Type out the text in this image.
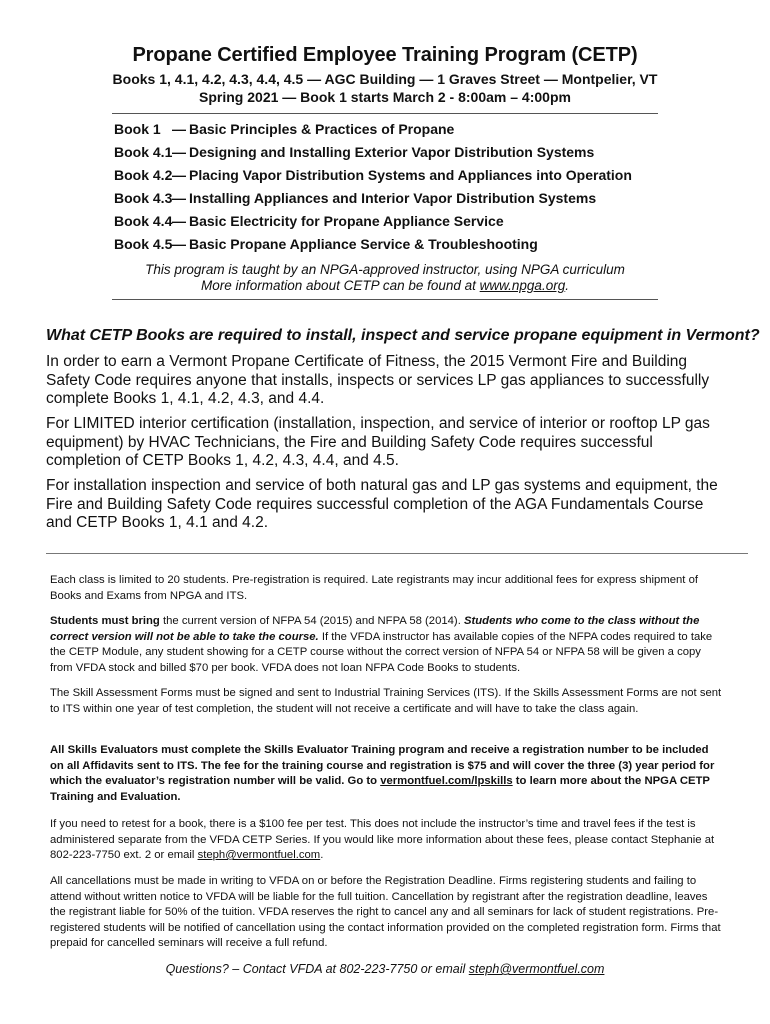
Propane Certified Employee Training Program (CETP)
Books 1, 4.1, 4.2, 4.3, 4.4, 4.5 — AGC Building — 1 Graves Street — Montpelier, VT
Spring 2021 — Book 1 starts March 2 - 8:00am – 4:00pm
Book 1 — Basic Principles & Practices of Propane
Book 4.1— Designing and Installing Exterior Vapor Distribution Systems
Book 4.2— Placing Vapor Distribution Systems and Appliances into Operation
Book 4.3— Installing Appliances and Interior Vapor Distribution Systems
Book 4.4— Basic Electricity for Propane Appliance Service
Book 4.5— Basic Propane Appliance Service & Troubleshooting
This program is taught by an NPGA-approved instructor, using NPGA curriculum
More information about CETP can be found at www.npga.org.
What CETP Books are required to install, inspect and service propane equipment in Vermont?

In order to earn a Vermont Propane Certificate of Fitness, the 2015 Vermont Fire and Building Safety Code requires anyone that installs, inspects or services LP gas appliances to successfully complete Books 1, 4.1, 4.2, 4.3, and 4.4.

For LIMITED interior certification (installation, inspection, and service of interior or rooftop LP gas equipment) by HVAC Technicians, the Fire and Building Safety Code requires successful completion of CETP Books 1, 4.2, 4.3, 4.4, and 4.5.

For installation inspection and service of both natural gas and LP gas systems and equipment, the Fire and Building Safety Code requires successful completion of the AGA Fundamentals Course and CETP Books 1, 4.1 and 4.2.

Each class is limited to 20 students. Pre-registration is required. Late registrants may incur additional fees for express shipment of Books and Exams from NPGA and ITS.

Students must bring the current version of NFPA 54 (2015) and NFPA 58 (2014). Students who come to the class without the correct version will not be able to take the course. If the VFDA instructor has available copies of the NFPA codes required to take the CETP Module, any student showing for a CETP course without the correct version of NFPA 54 or NFPA 58 will be given a copy from VFDA stock and billed $70 per book. VFDA does not loan NFPA Code Books to students.

The Skill Assessment Forms must be signed and sent to Industrial Training Services (ITS). If the Skills Assessment Forms are not sent to ITS within one year of test completion, the student will not receive a certificate and will have to take the class again.

All Skills Evaluators must complete the Skills Evaluator Training program and receive a registration number to be included on all Affidavits sent to ITS. The fee for the training course and registration is $75 and will cover the three (3) year period for which the evaluator’s registration number will be valid. Go to vermontfuel.com/lpskills to learn more about the NPGA CETP Training and Evaluation.

If you need to retest for a book, there is a $100 fee per test. This does not include the instructor’s time and travel fees if the test is administered separate from the VFDA CETP Series. If you would like more information about these fees, please contact Stephanie at 802-223-7750 ext. 2 or email steph@vermontfuel.com.

All cancellations must be made in writing to VFDA on or before the Registration Deadline. Firms registering students and failing to attend without written notice to VFDA will be liable for the full tuition. Cancellation by registrant after the registration deadline, leaves the registrant liable for 50% of the tuition. VFDA reserves the right to cancel any and all seminars for lack of student registrations. Pre-registered students will be notified of cancellation using the contact information provided on the completed registration form. Firms that prepaid for cancelled seminars will receive a full refund.

Questions? – Contact VFDA at 802-223-7750 or email steph@vermontfuel.com
